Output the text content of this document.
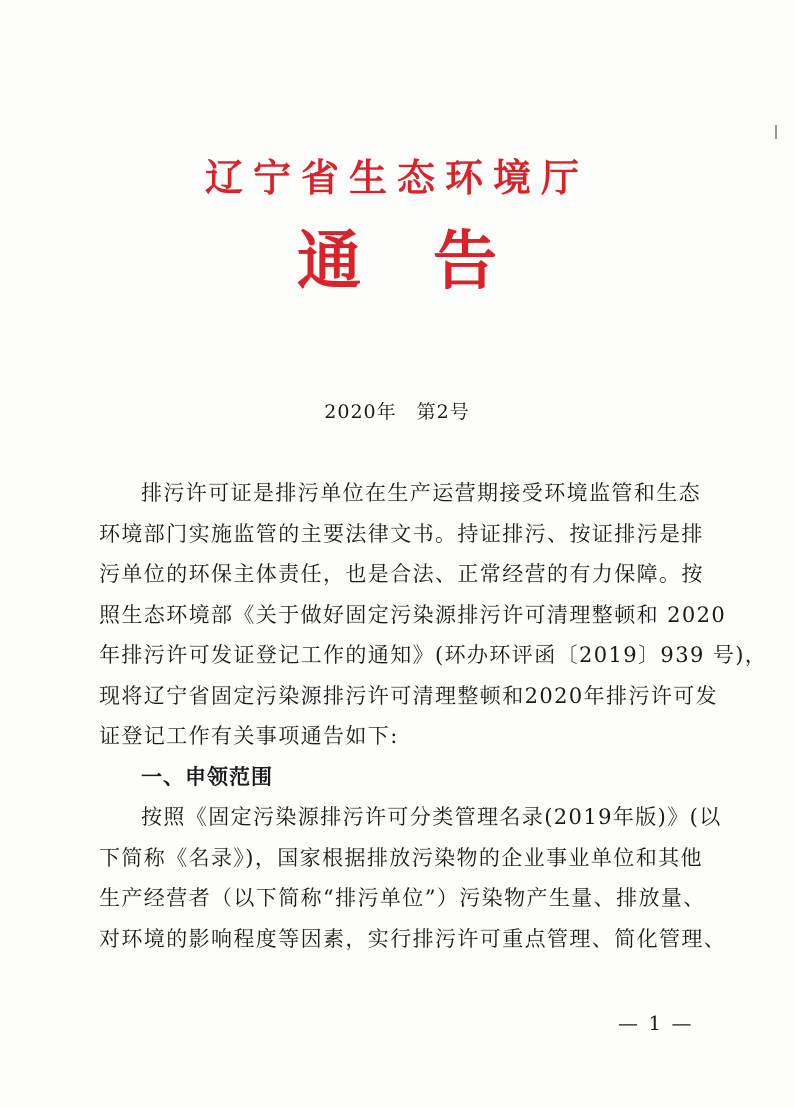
辽宁省生态环境厅
通告
2020年　第2号
排污许可证是排污单位在生产运营期接受环境监管和生态
环境部门实施监管的主要法律文书。持证排污、按证排污是排
污单位的环保主体责任，也是合法、正常经营的有力保障。按
照生态环境部《关于做好固定污染源排污许可清理整顿和 2020
年排污许可发证登记工作的通知》(环办环评函〔2019〕939 号)，
现将辽宁省固定污染源排污许可清理整顿和2020年排污许可发
证登记工作有关事项通告如下:
一、申领范围
按照《固定污染源排污许可分类管理名录(2019年版)》(以
下简称《名录》)，国家根据排放污染物的企业事业单位和其他
生产经营者（以下简称“排污单位”）污染物产生量、排放量、
对环境的影响程度等因素，实行排污许可重点管理、简化管理、
— 1 —
